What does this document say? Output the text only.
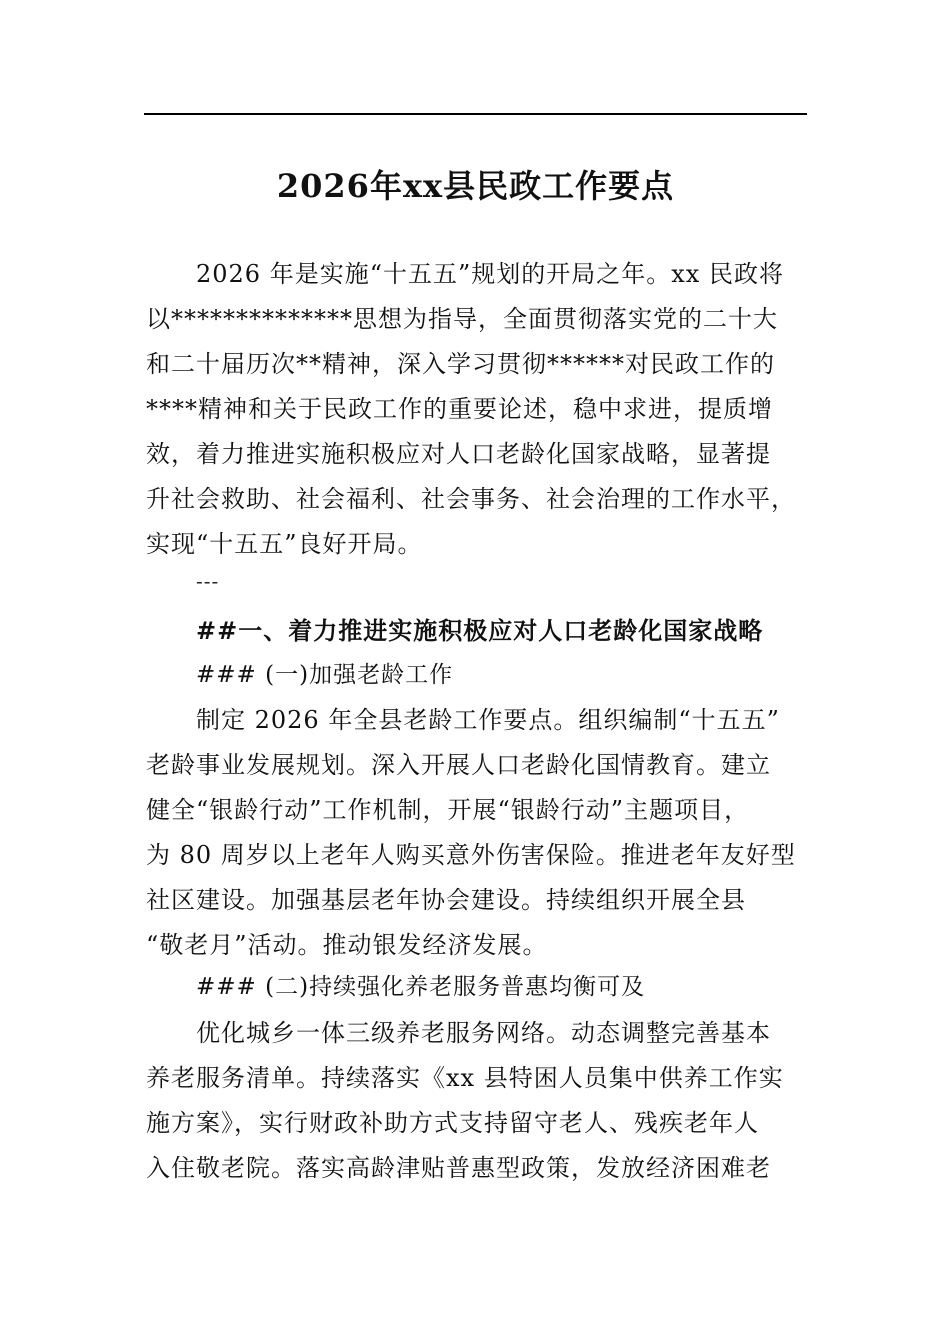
2026年xx县民政工作要点
2026 年是实施“十五五”规划的开局之年。xx 民政将
以**************思想为指导，全面贯彻落实党的二十大
和二十届历次**精神，深入学习贯彻******对民政工作的
****精神和关于民政工作的重要论述，稳中求进，提质增
效，着力推进实施积极应对人口老龄化国家战略，显著提
升社会救助、社会福利、社会事务、社会治理的工作水平，
实现“十五五”良好开局。
---
##一、着力推进实施积极应对人口老龄化国家战略
### (一)加强老龄工作
制定 2026 年全县老龄工作要点。组织编制“十五五”
老龄事业发展规划。深入开展人口老龄化国情教育。建立
健全“银龄行动”工作机制，开展“银龄行动”主题项目，
为 80 周岁以上老年人购买意外伤害保险。推进老年友好型
社区建设。加强基层老年协会建设。持续组织开展全县
“敬老月”活动。推动银发经济发展。
### (二)持续强化养老服务普惠均衡可及
优化城乡一体三级养老服务网络。动态调整完善基本
养老服务清单。持续落实《xx 县特困人员集中供养工作实
施方案》，实行财政补助方式支持留守老人、残疾老年人
入住敬老院。落实高龄津贴普惠型政策，发放经济困难老
